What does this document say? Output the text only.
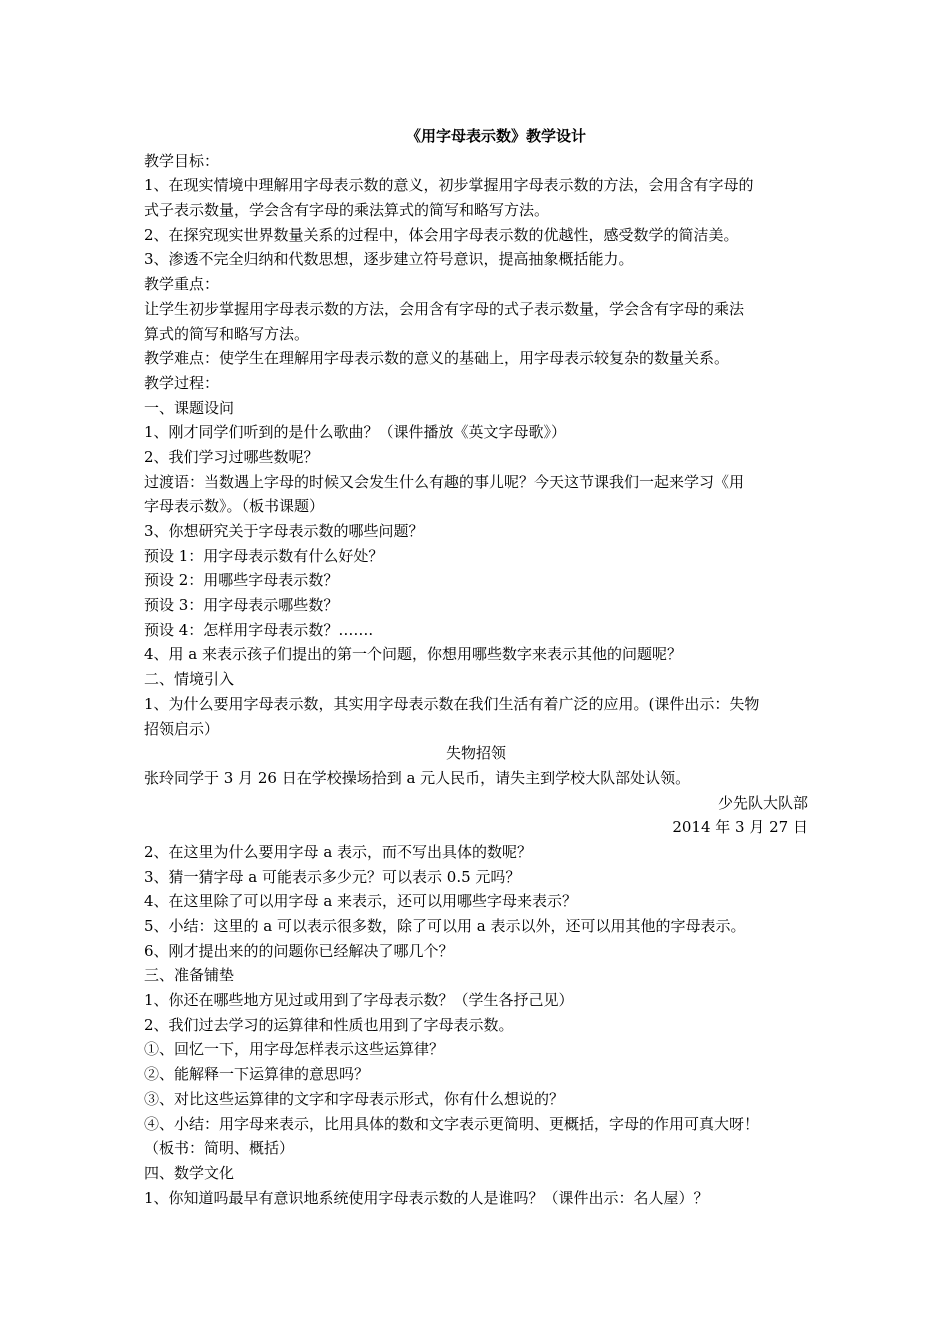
《用字母表示数》教学设计
教学目标：
1、在现实情境中理解用字母表示数的意义，初步掌握用字母表示数的方法，会用含有字母的
式子表示数量，学会含有字母的乘法算式的简写和略写方法。
2、在探究现实世界数量关系的过程中，体会用字母表示数的优越性，感受数学的简洁美。
3、渗透不完全归纳和代数思想，逐步建立符号意识，提高抽象概括能力。
教学重点：
让学生初步掌握用字母表示数的方法，会用含有字母的式子表示数量，学会含有字母的乘法
算式的简写和略写方法。
教学难点：使学生在理解用字母表示数的意义的基础上，用字母表示较复杂的数量关系。
教学过程：
一、课题设问
1、刚才同学们听到的是什么歌曲？（课件播放《英文字母歌》）
2、我们学习过哪些数呢？
过渡语：当数遇上字母的时候又会发生什么有趣的事儿呢？今天这节课我们一起来学习《用
字母表示数》。（板书课题）
3、你想研究关于字母表示数的哪些问题？
预设 1：用字母表示数有什么好处？
预设 2：用哪些字母表示数？
预设 3：用字母表示哪些数？
预设 4：怎样用字母表示数？…….
4、用 a 来表示孩子们提出的第一个问题，你想用哪些数字来表示其他的问题呢？
二、情境引入
1、为什么要用字母表示数，其实用字母表示数在我们生活有着广泛的应用。(课件出示：失物
招领启示）
失物招领
张玲同学于 3 月 26 日在学校操场拾到 a 元人民币，请失主到学校大队部处认领。
少先队大队部
2014 年 3 月 27 日
2、在这里为什么要用字母 a 表示，而不写出具体的数呢？
3、猜一猜字母 a 可能表示多少元？可以表示 0.5 元吗？
4、在这里除了可以用字母 a 来表示，还可以用哪些字母来表示？
5、小结：这里的 a 可以表示很多数，除了可以用 a 表示以外，还可以用其他的字母表示。
6、刚才提出来的的问题你已经解决了哪几个？
三、准备铺垫
1、你还在哪些地方见过或用到了字母表示数？（学生各抒己见）
2、我们过去学习的运算律和性质也用到了字母表示数。
①、回忆一下，用字母怎样表示这些运算律？
②、能解释一下运算律的意思吗？
③、对比这些运算律的文字和字母表示形式，你有什么想说的？
④、小结：用字母来表示，比用具体的数和文字表示更简明、更概括，字母的作用可真大呀！
（板书：简明、概括）
四、数学文化
1、你知道吗最早有意识地系统使用字母表示数的人是谁吗？（课件出示：名人屋）？
